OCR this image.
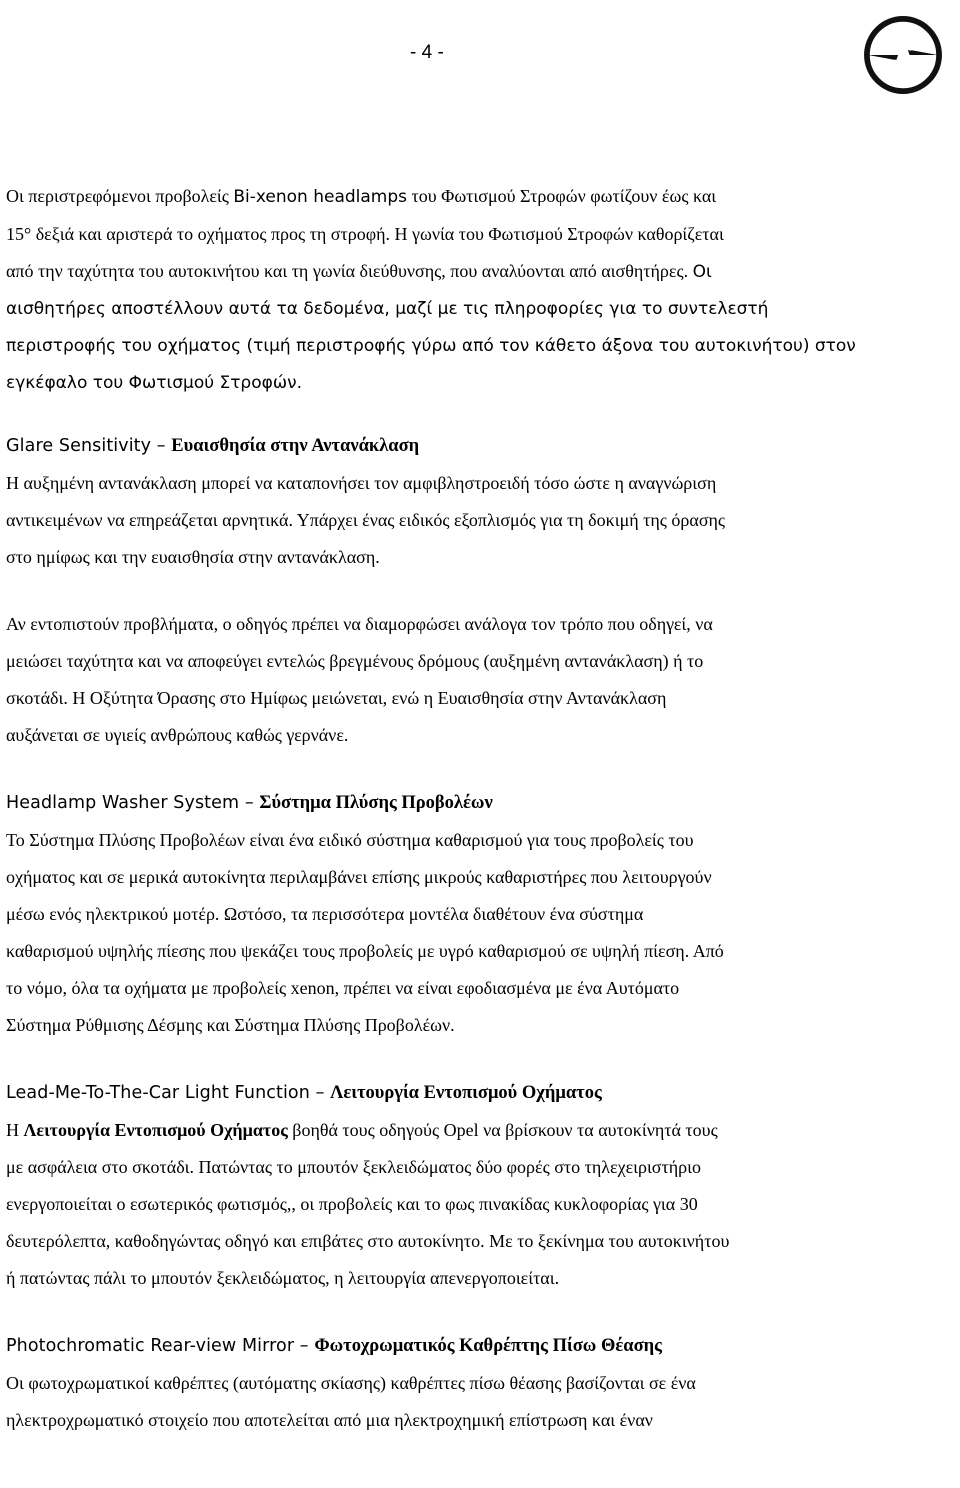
- 4 -

Οι περιστρεφόμενοι προβολείς Bi-xenon headlamps του Φωτισμού Στροφών φωτίζουν έως και
15° δεξιά και αριστερά το οχήματος προς τη στροφή. Η γωνία του Φωτισμού Στροφών καθορίζεται
από την ταχύτητα του αυτοκινήτου και τη γωνία διεύθυνσης, που αναλύονται από αισθητήρες. Οι
αισθητήρες αποστέλλουν αυτά τα δεδομένα, μαζί με τις πληροφορίες για το συντελεστή
περιστροφής του οχήματος (τιμή περιστροφής γύρω από τον κάθετο άξονα του αυτοκινήτου) στον
εγκέφαλο του Φωτισμού Στροφών.

Glare Sensitivity – Ευαισθησία στην Αντανάκλαση

Η αυξημένη αντανάκλαση μπορεί να καταπονήσει τον αμφιβληστροειδή τόσο ώστε η αναγνώριση
αντικειμένων να επηρεάζεται αρνητικά. Υπάρχει ένας ειδικός εξοπλισμός για τη δοκιμή της όρασης
στο ημίφως και την ευαισθησία στην αντανάκλαση.

Αν εντοπιστούν προβλήματα, ο οδηγός πρέπει να διαμορφώσει ανάλογα τον τρόπο που οδηγεί, να
μειώσει ταχύτητα και να αποφεύγει εντελώς βρεγμένους δρόμους (αυξημένη αντανάκλαση) ή το
σκοτάδι. Η Οξύτητα Όρασης στο Ημίφως μειώνεται, ενώ η Ευαισθησία στην Αντανάκλαση
αυξάνεται σε υγιείς ανθρώπους καθώς γερνάνε.

Headlamp Washer System – Σύστημα Πλύσης Προβολέων

Το Σύστημα Πλύσης Προβολέων είναι ένα ειδικό σύστημα καθαρισμού για τους προβολείς του
οχήματος και σε μερικά αυτοκίνητα περιλαμβάνει επίσης μικρούς καθαριστήρες που λειτουργούν
μέσω ενός ηλεκτρικού μοτέρ. Ωστόσο, τα περισσότερα μοντέλα διαθέτουν ένα σύστημα
καθαρισμού υψηλής πίεσης που ψεκάζει τους προβολείς με υγρό καθαρισμού σε υψηλή πίεση. Από
το νόμο, όλα τα οχήματα με προβολείς xenon, πρέπει να είναι εφοδιασμένα με ένα Αυτόματο
Σύστημα Ρύθμισης Δέσμης και Σύστημα Πλύσης Προβολέων.

Lead-Me-To-The-Car Light Function – Λειτουργία Εντοπισμού Οχήματος

Η Λειτουργία Εντοπισμού Οχήματος βοηθά τους οδηγούς Opel να βρίσκουν τα αυτοκίνητά τους
με ασφάλεια στο σκοτάδι. Πατώντας το μπουτόν ξεκλειδώματος δύο φορές στο τηλεχειριστήριο
ενεργοποιείται ο εσωτερικός φωτισμός,, οι προβολείς και το φως πινακίδας κυκλοφορίας για 30
δευτερόλεπτα, καθοδηγώντας οδηγό και επιβάτες στο αυτοκίνητο. Με το ξεκίνημα του αυτοκινήτου
ή πατώντας πάλι το μπουτόν ξεκλειδώματος, η λειτουργία απενεργοποιείται.

Photochromatic Rear-view Mirror – Φωτοχρωματικός Καθρέπτης Πίσω Θέασης

Οι φωτοχρωματικοί καθρέπτες (αυτόματης σκίασης) καθρέπτες πίσω θέασης βασίζονται σε ένα
ηλεκτροχρωματικό στοιχείο που αποτελείται από μια ηλεκτροχημική επίστρωση και έναν
